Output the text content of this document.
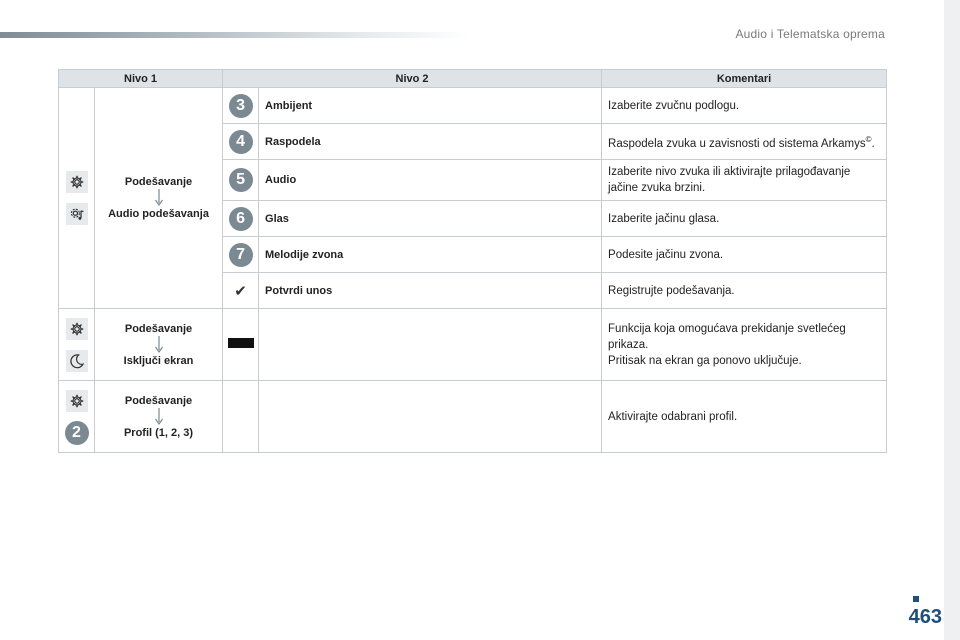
Audio i Telematska oprema
Nivo 1		Nivo 2		Komentari

Podešavanje
Audio podešavanja	3	Ambijent	Izaberite zvučnu podlogu.
		4	Raspodela	Raspodela zvuka u zavisnosti od sistema Arkamys©.
		5	Audio	Izaberite nivo zvuka ili aktivirajte prilagođavanje jačine zvuka brzini.
		6	Glas	Izaberite jačinu glasa.
		7	Melodije zvona	Podesite jačinu zvona.
		✔	Potvrdi unos	Registrujte podešavanja.

Podešavanje
Isključi ekran			Funkcija koja omogućava prekidanje svetlećeg prikaza.
Pritisak na ekran ga ponovo uključuje.

2	Podešavanje
Profil (1, 2, 3)			Aktivirajte odabrani profil.
463
